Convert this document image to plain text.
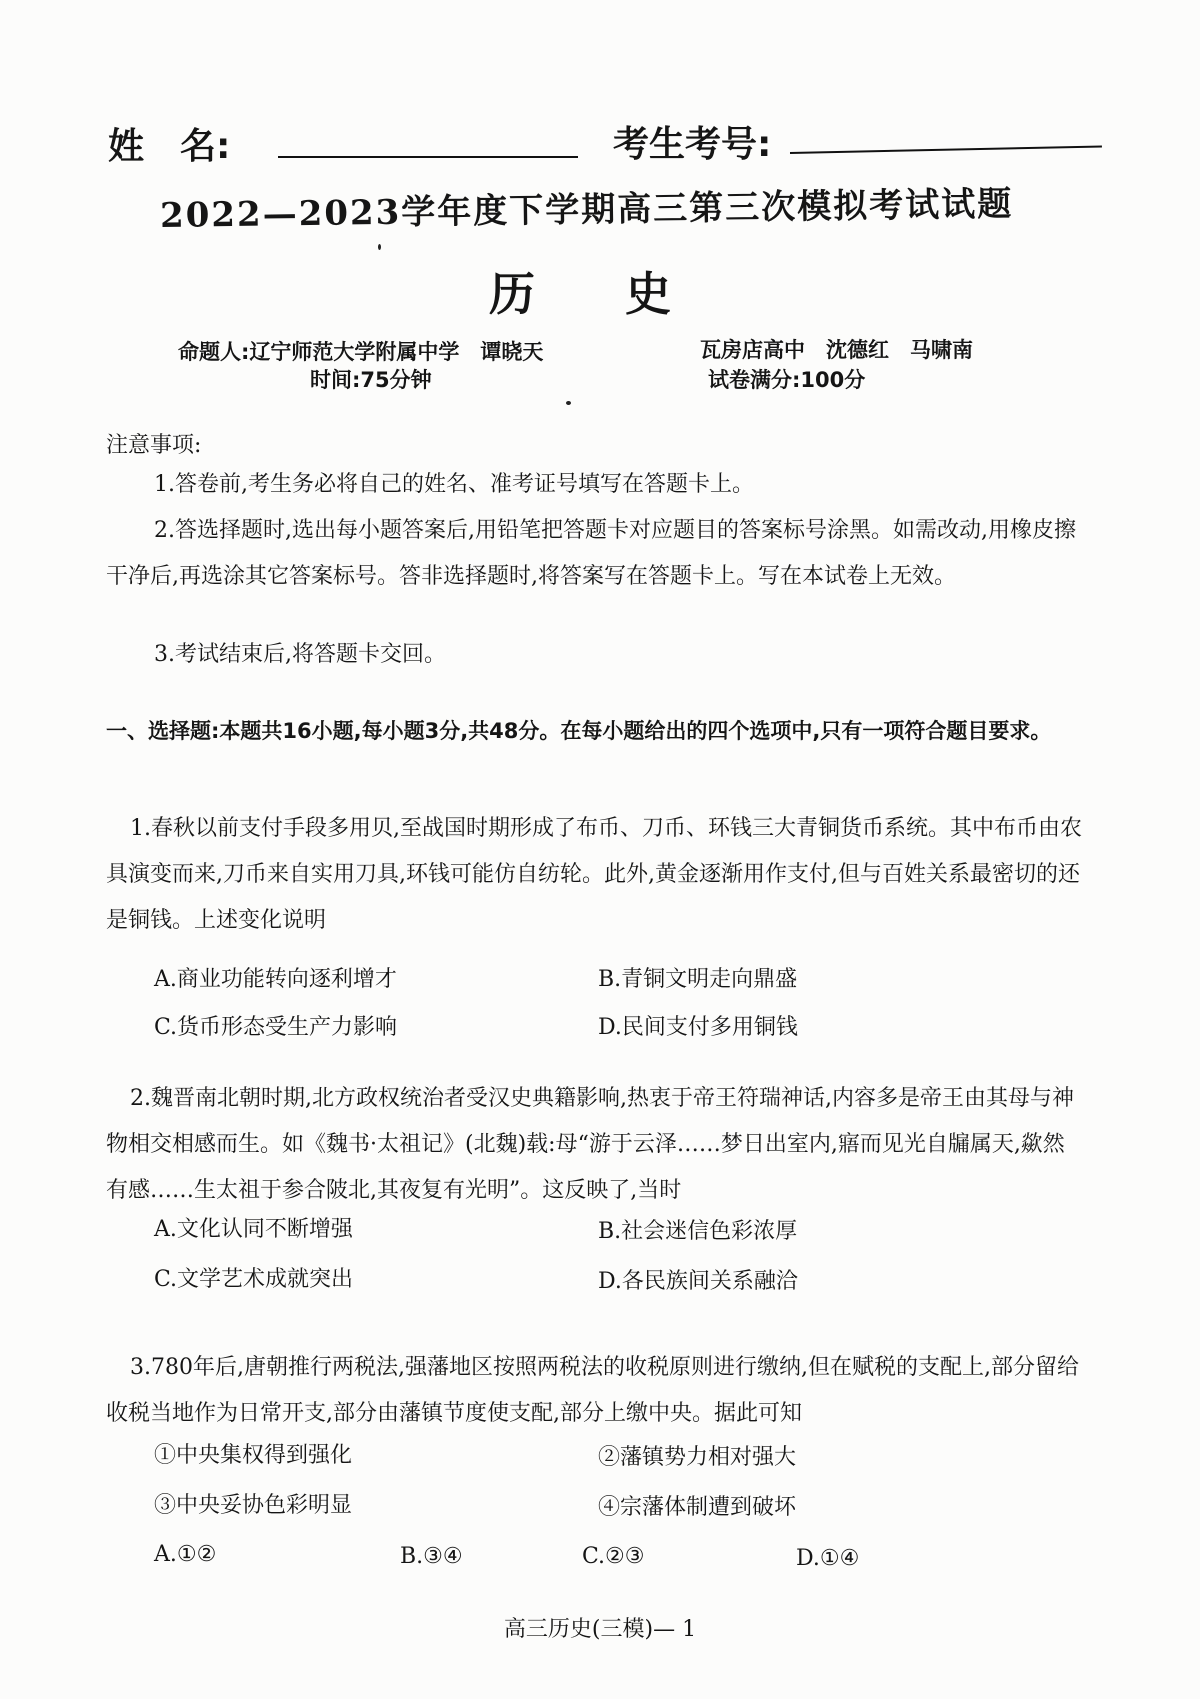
姓　名:	考生考号:
2022—2023学年度下学期高三第三次模拟考试试题
历史
命题人:辽宁师范大学附属中学　谭晓天	瓦房店高中　沈德红　马啸南
时间:75分钟	试卷满分:100分
注意事项:
1.答卷前,考生务必将自己的姓名、准考证号填写在答题卡上。
2.答选择题时,选出每小题答案后,用铅笔把答题卡对应题目的答案标号涂黑。如需改动,用橡皮擦干净后,再选涂其它答案标号。答非选择题时,将答案写在答题卡上。写在本试卷上无效。
3.考试结束后,将答题卡交回。
一、选择题:本题共16小题,每小题3分,共48分。在每小题给出的四个选项中,只有一项符合题目要求。
1.春秋以前支付手段多用贝,至战国时期形成了布币、刀币、环钱三大青铜货币系统。其中布币由农具演变而来,刀币来自实用刀具,环钱可能仿自纺轮。此外,黄金逐渐用作支付,但与百姓关系最密切的还是铜钱。上述变化说明
A.商业功能转向逐利增才	B.青铜文明走向鼎盛
C.货币形态受生产力影响	D.民间支付多用铜钱
2.魏晋南北朝时期,北方政权统治者受汉史典籍影响,热衷于帝王符瑞神话,内容多是帝王由其母与神物相交相感而生。如《魏书·太祖记》(北魏)载:母“游于云泽……梦日出室内,寤而见光自牖属天,歘然有感……生太祖于参合陂北,其夜复有光明”。这反映了,当时
A.文化认同不断增强	B.社会迷信色彩浓厚
C.文学艺术成就突出	D.各民族间关系融洽
3.780年后,唐朝推行两税法,强藩地区按照两税法的收税原则进行缴纳,但在赋税的支配上,部分留给收税当地作为日常开支,部分由藩镇节度使支配,部分上缴中央。据此可知
①中央集权得到强化	②藩镇势力相对强大
③中央妥协色彩明显	④宗藩体制遭到破坏
A.①②	B.③④	C.②③	D.①④
高三历史(三模)— 1
